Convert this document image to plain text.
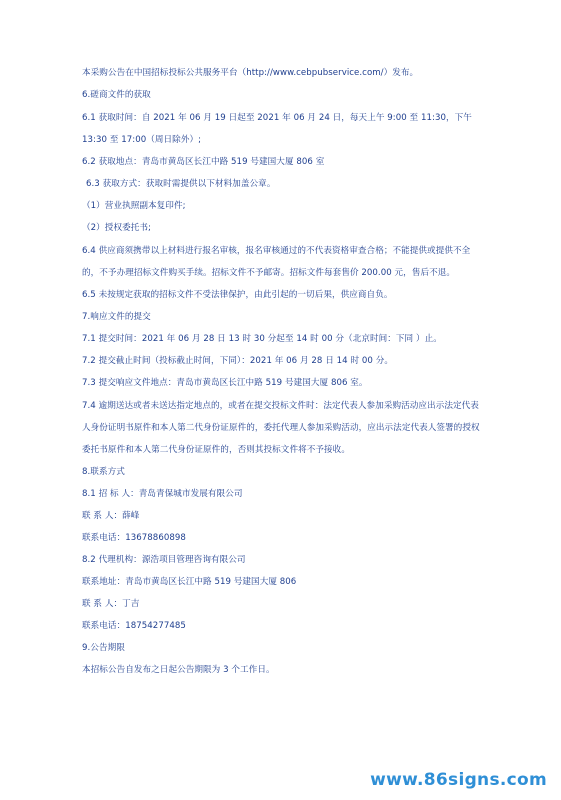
本采购公告在中国招标投标公共服务平台（http://www.cebpubservice.com/）发布。
6.磋商文件的获取
6.1 获取时间：自 2021 年 06 月 19 日起至 2021 年 06 月 24 日，每天上午 9:00 至 11:30，下午 13:30 至 17:00（周日除外）;
6.2 获取地点：青岛市黄岛区长江中路 519 号建国大厦 806 室
6.3 获取方式：获取时需提供以下材料加盖公章。
（1）营业执照副本复印件;
（2）授权委托书;
6.4 供应商须携带以上材料进行报名审核，报名审核通过的不代表资格审查合格；不能提供或提供不全的，不予办理招标文件购买手续。招标文件不予邮寄。招标文件每套售价 200.00 元，售后不退。
6.5 未按规定获取的招标文件不受法律保护，由此引起的一切后果，供应商自负。
7.响应文件的提交
7.1 提交时间：2021 年 06 月 28 日 13 时 30 分起至 14 时 00 分（北京时间：下同 ）止。
7.2 提交截止时间（投标截止时间，下同）：2021 年 06 月 28 日 14 时 00 分。
7.3 提交响应文件地点：青岛市黄岛区长江中路 519 号建国大厦 806 室。
7.4 逾期送达或者未送达指定地点的，或者在提交投标文件时：法定代表人参加采购活动应出示法定代表人身份证明书原件和本人第二代身份证原件的，委托代理人参加采购活动，应出示法定代表人签署的授权委托书原件和本人第二代身份证原件的，否则其投标文件将不予接收。
8.联系方式
8.1 招 标 人：青岛青保城市发展有限公司
联 系 人：薛峰
联系电话：13678860898
8.2 代理机构：源浩项目管理咨询有限公司
联系地址：青岛市黄岛区长江中路 519 号建国大厦 806
联 系 人：丁吉
联系电话：18754277485
9.公告期限
本招标公告自发布之日起公告期限为 3 个工作日。
www.86signs.com
